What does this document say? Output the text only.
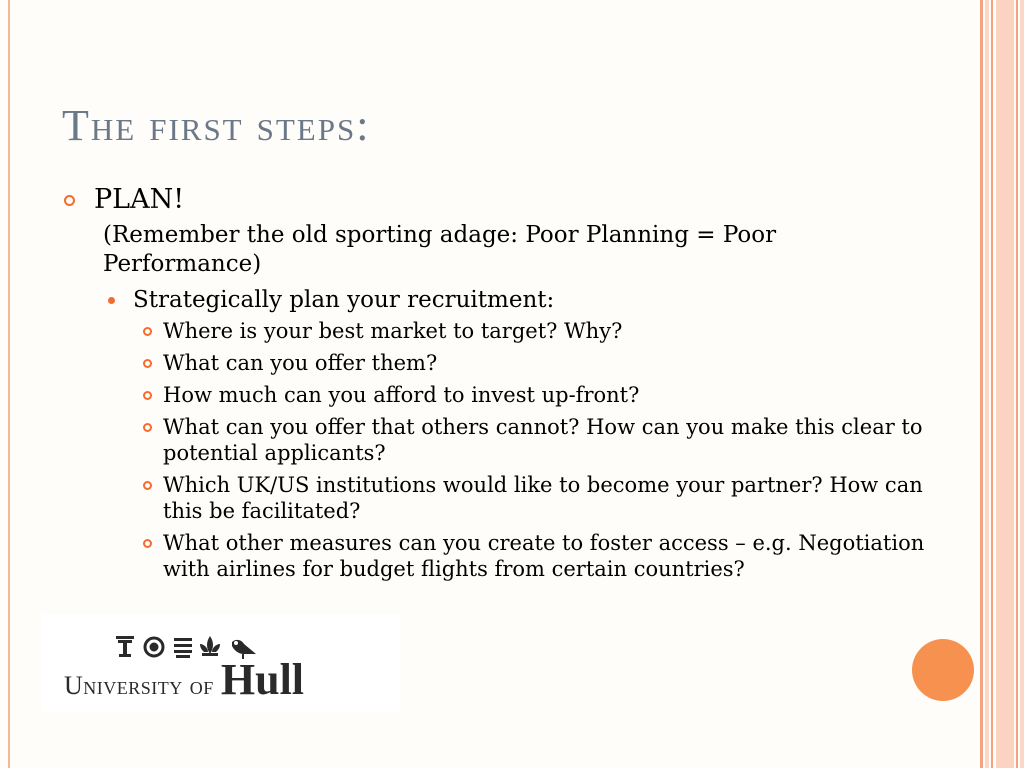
The first steps:
PLAN!
(Remember the old sporting adage: Poor Planning = Poor Performance)
Strategically plan your recruitment:
Where is your best market to target? Why?
What can you offer them?
How much can you afford to invest up-front?
What can you offer that others cannot? How can you make this clear to potential applicants?
Which UK/US institutions would like to become your partner? How can this be facilitated?
What other measures can you create to foster access – e.g. Negotiation with airlines for budget flights from certain countries?
University of Hull
